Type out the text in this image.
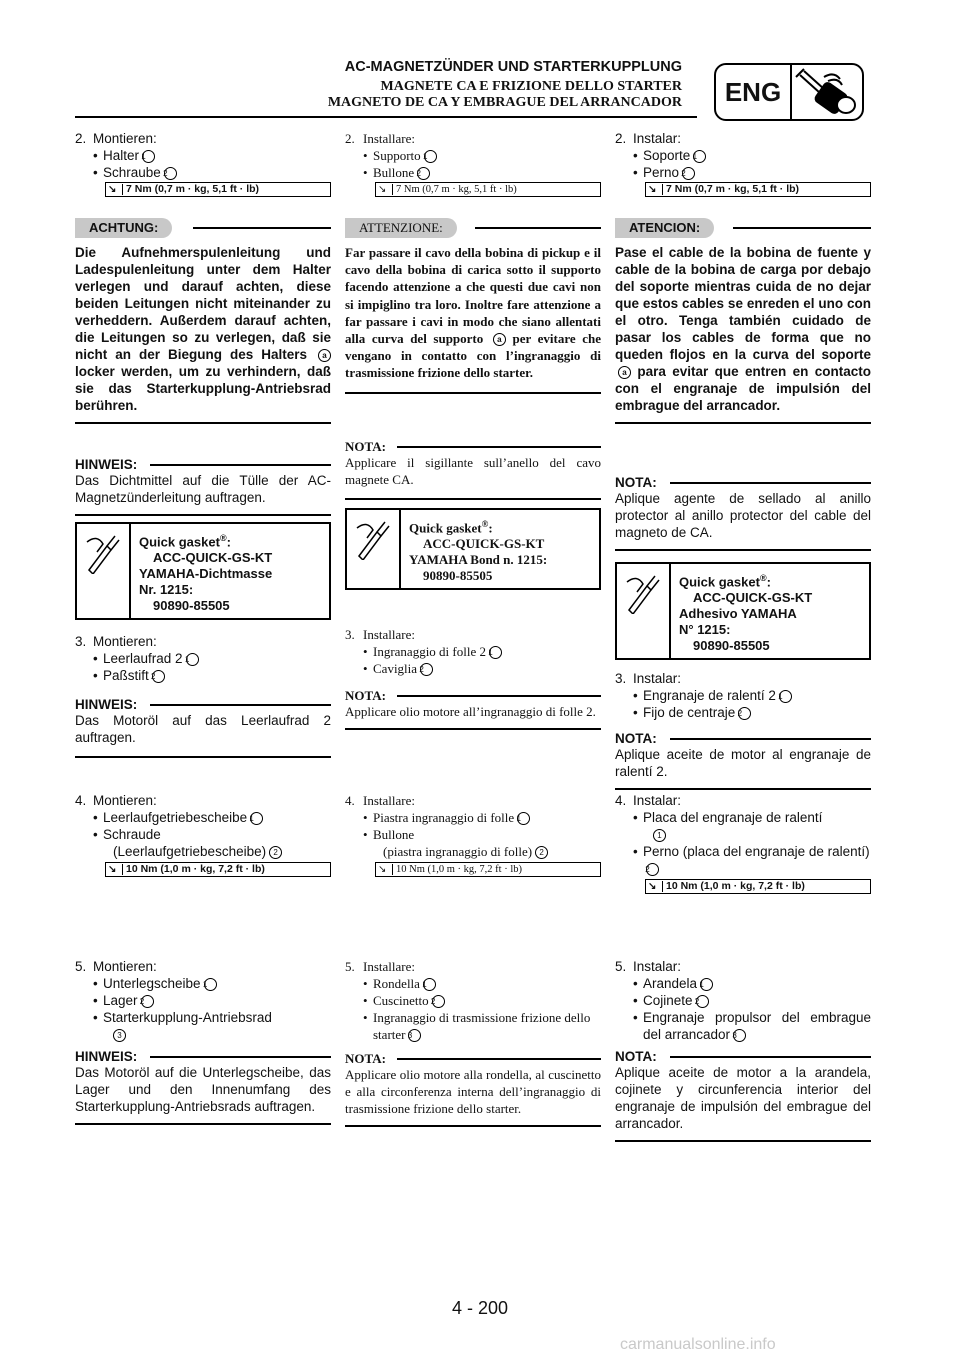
AC-MAGNETZÜNDER UND STARTERKUPPLUNG
MAGNETE CA E FRIZIONE DELLO STARTER
MAGNETO DE CA Y EMBRAGUE DEL ARRANCADOR	ENG
2. Montieren:
• Halter 1
• Schraube 2
↘ 7 Nm (0,7 m · kg, 5,1 ft · lb)
ACHTUNG:
Die Aufnehmerspulenleitung und Ladespulenleitung unter dem Halter verlegen und darauf achten, diese beiden Leitungen nicht miteinander zu verheddern. Außerdem darauf achten, die Leitungen so zu verlegen, daß sie nicht an der Biegung des Halters a locker werden, um zu verhindern, daß sie das Starterkupplung-Antriebsrad berühren.
HINWEIS:
Das Dichtmittel auf die Tülle der AC-Magnetzünderleitung auftragen.
Quick gasket®:
ACC-QUICK-GS-KT
YAMAHA-Dichtmasse
Nr. 1215:
90890-85505
3. Montieren:
• Leerlaufrad 2 1
• Paßstift 2
HINWEIS:
Das Motoröl auf das Leerlaufrad 2 auftragen.
4. Montieren:
• Leerlaufgetriebescheibe 1
• Schraude
(Leerlaufgetriebescheibe) 2
↘ 10 Nm (1,0 m · kg, 7,2 ft · lb)
5. Montieren:
• Unterlegscheibe 1
• Lager 2
• Starterkupplung-Antriebsrad
3
HINWEIS:
Das Motoröl auf die Unterlegscheibe, das Lager und den Innenumfang des Starterkupplung-Antriebsrads auftragen.
2. Installare:
• Supporto 1
• Bullone 2
↘ 7 Nm (0,7 m · kg, 5,1 ft · lb)
ATTENZIONE:
Far passare il cavo della bobina di pickup e il cavo della bobina di carica sotto il supporto facendo attenzione a che questi due cavi non si impiglino tra loro. Inoltre fare attenzione a far passare i cavi in modo che siano allentati alla curva del supporto a per evitare che vengano in contatto con l’ingranaggio di trasmissione frizione dello starter.
NOTA:
Applicare il sigillante sull’anello del cavo magnete CA.
Quick gasket®:
ACC-QUICK-GS-KT
YAMAHA Bond n. 1215:
90890-85505
3. Installare:
• Ingranaggio di folle 2 1
• Caviglia 2
NOTA:
Applicare olio motore all’ingranaggio di folle 2.
4. Installare:
• Piastra ingranaggio di folle 1
• Bullone
(piastra ingranaggio di folle) 2
↘ 10 Nm (1,0 m · kg, 7,2 ft · lb)
5. Installare:
• Rondella 1
• Cuscinetto 2
• Ingranaggio di trasmissione frizione dello starter 3
NOTA:
Applicare olio motore alla rondella, al cuscinetto e alla circonferenza interna dell’ingranaggio di trasmissione frizione dello starter.
2. Instalar:
• Soporte 1
• Perno 2
↘ 7 Nm (0,7 m · kg, 5,1 ft · lb)
ATENCION:
Pase el cable de la bobina de fuente y cable de la bobina de carga por debajo del soporte mientras cuida de no dejar que estos cables se enreden el uno con el otro. Tenga también cuidado de pasar los cables de forma que no queden flojos en la curva del soporte a para evitar que entren en contacto con el engranaje de impulsión del embrague del arrancador.
NOTA:
Aplique agente de sellado al anillo protector al anillo protector del cable del magneto de CA.
Quick gasket®:
ACC-QUICK-GS-KT
Adhesivo YAMAHA
N° 1215:
90890-85505
3. Instalar:
• Engranaje de ralentí 2 1
• Fijo de centraje 2
NOTA:
Aplique aceite de motor al engranaje de ralentí 2.
4. Instalar:
• Placa del engranaje de ralentí
1
• Perno (placa del engranaje de ralentí)2
↘ 10 Nm (1,0 m · kg, 7,2 ft · lb)
5. Instalar:
• Arandela 1
• Cojinete 2
• Engranaje propulsor del embrague del arrancador 3
NOTA:
Aplique aceite de motor a la arandela, cojinete y circunferencia interior del engranaje de impulsión del embrague del arrancador.
4 - 200
carmanualsonline.info
